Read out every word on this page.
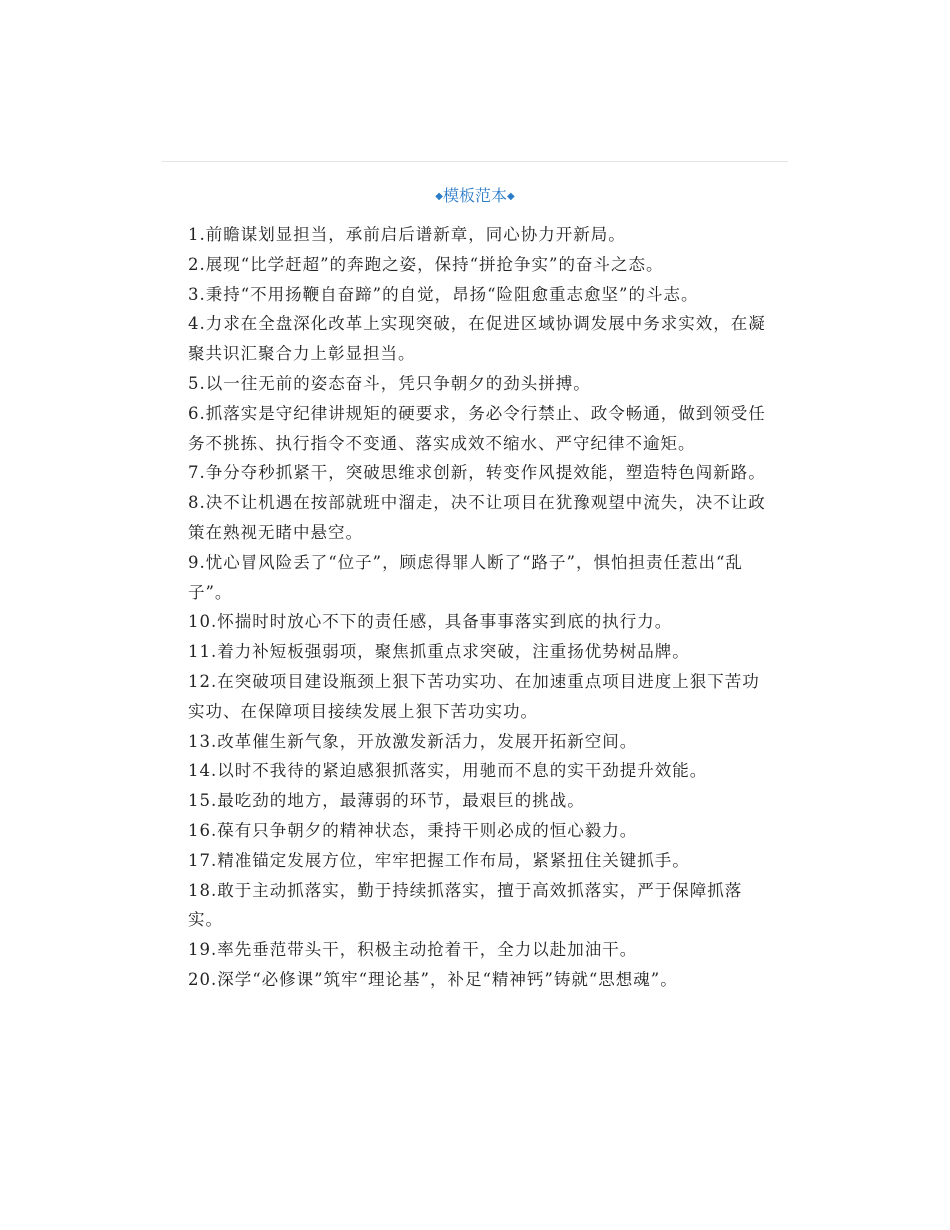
◆模板范本◆
1.前瞻谋划显担当，承前启后谱新章，同心协力开新局。
2.展现“比学赶超”的奔跑之姿，保持“拼抢争实”的奋斗之态。
3.秉持“不用扬鞭自奋蹄”的自觉，昂扬“险阻愈重志愈坚”的斗志。
4.力求在全盘深化改革上实现突破，在促进区域协调发展中务求实效，在凝聚共识汇聚合力上彰显担当。
5.以一往无前的姿态奋斗，凭只争朝夕的劲头拼搏。
6.抓落实是守纪律讲规矩的硬要求，务必令行禁止、政令畅通，做到领受任务不挑拣、执行指令不变通、落实成效不缩水、严守纪律不逾矩。
7.争分夺秒抓紧干，突破思维求创新，转变作风提效能，塑造特色闯新路。
8.决不让机遇在按部就班中溜走，决不让项目在犹豫观望中流失，决不让政策在熟视无睹中悬空。
9.忧心冒风险丢了“位子”，顾虑得罪人断了“路子”，惧怕担责任惹出“乱子”。
10.怀揣时时放心不下的责任感，具备事事落实到底的执行力。
11.着力补短板强弱项，聚焦抓重点求突破，注重扬优势树品牌。
12.在突破项目建设瓶颈上狠下苦功实功、在加速重点项目进度上狠下苦功实功、在保障项目接续发展上狠下苦功实功。
13.改革催生新气象，开放激发新活力，发展开拓新空间。
14.以时不我待的紧迫感狠抓落实，用驰而不息的实干劲提升效能。
15.最吃劲的地方，最薄弱的环节，最艰巨的挑战。
16.葆有只争朝夕的精神状态，秉持干则必成的恒心毅力。
17.精准锚定发展方位，牢牢把握工作布局，紧紧扭住关键抓手。
18.敢于主动抓落实，勤于持续抓落实，擅于高效抓落实，严于保障抓落实。
19.率先垂范带头干，积极主动抢着干，全力以赴加油干。
20.深学“必修课”筑牢“理论基”，补足“精神钙”铸就“思想魂”。
